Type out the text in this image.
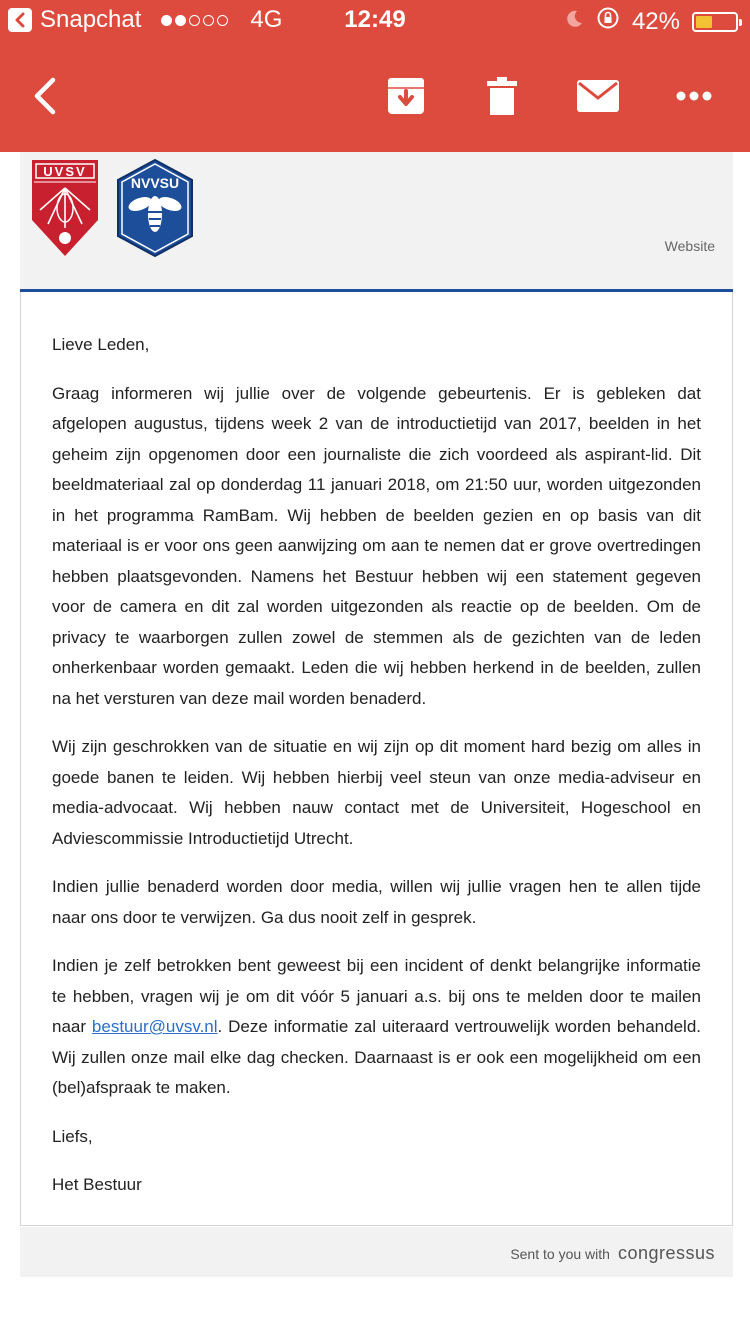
Snapchat	4G	12:49	42%
UVSV
NVVSU
Website

Lieve Leden,

Graag informeren wij jullie over de volgende gebeurtenis. Er is gebleken dat afgelopen augustus, tijdens week 2 van de introductietijd van 2017, beelden in het geheim zijn opgenomen door een journaliste die zich voordeed als aspirant-lid. Dit beeldmateriaal zal op donderdag 11 januari 2018, om 21:50 uur, worden uitgezonden in het programma RamBam. Wij hebben de beelden gezien en op basis van dit materiaal is er voor ons geen aanwijzing om aan te nemen dat er grove overtredingen hebben plaatsgevonden. Namens het Bestuur hebben wij een statement gegeven voor de camera en dit zal worden uitgezonden als reactie op de beelden. Om de privacy te waarborgen zullen zowel de stemmen als de gezichten van de leden onherkenbaar worden gemaakt. Leden die wij hebben herkend in de beelden, zullen na het versturen van deze mail worden benaderd.

Wij zijn geschrokken van de situatie en wij zijn op dit moment hard bezig om alles in goede banen te leiden. Wij hebben hierbij veel steun van onze media-adviseur en media-advocaat. Wij hebben nauw contact met de Universiteit, Hogeschool en Adviescommissie Introductietijd Utrecht.

Indien jullie benaderd worden door media, willen wij jullie vragen hen te allen tijde naar ons door te verwijzen. Ga dus nooit zelf in gesprek.

Indien je zelf betrokken bent geweest bij een incident of denkt belangrijke informatie te hebben, vragen wij je om dit vóór 5 januari a.s. bij ons te melden door te mailen naar bestuur@uvsv.nl. Deze informatie zal uiteraard vertrouwelijk worden behandeld. Wij zullen onze mail elke dag checken. Daarnaast is er ook een mogelijkheid om een (bel)afspraak te maken.

Liefs,

Het Bestuur

Sent to you with congressus
